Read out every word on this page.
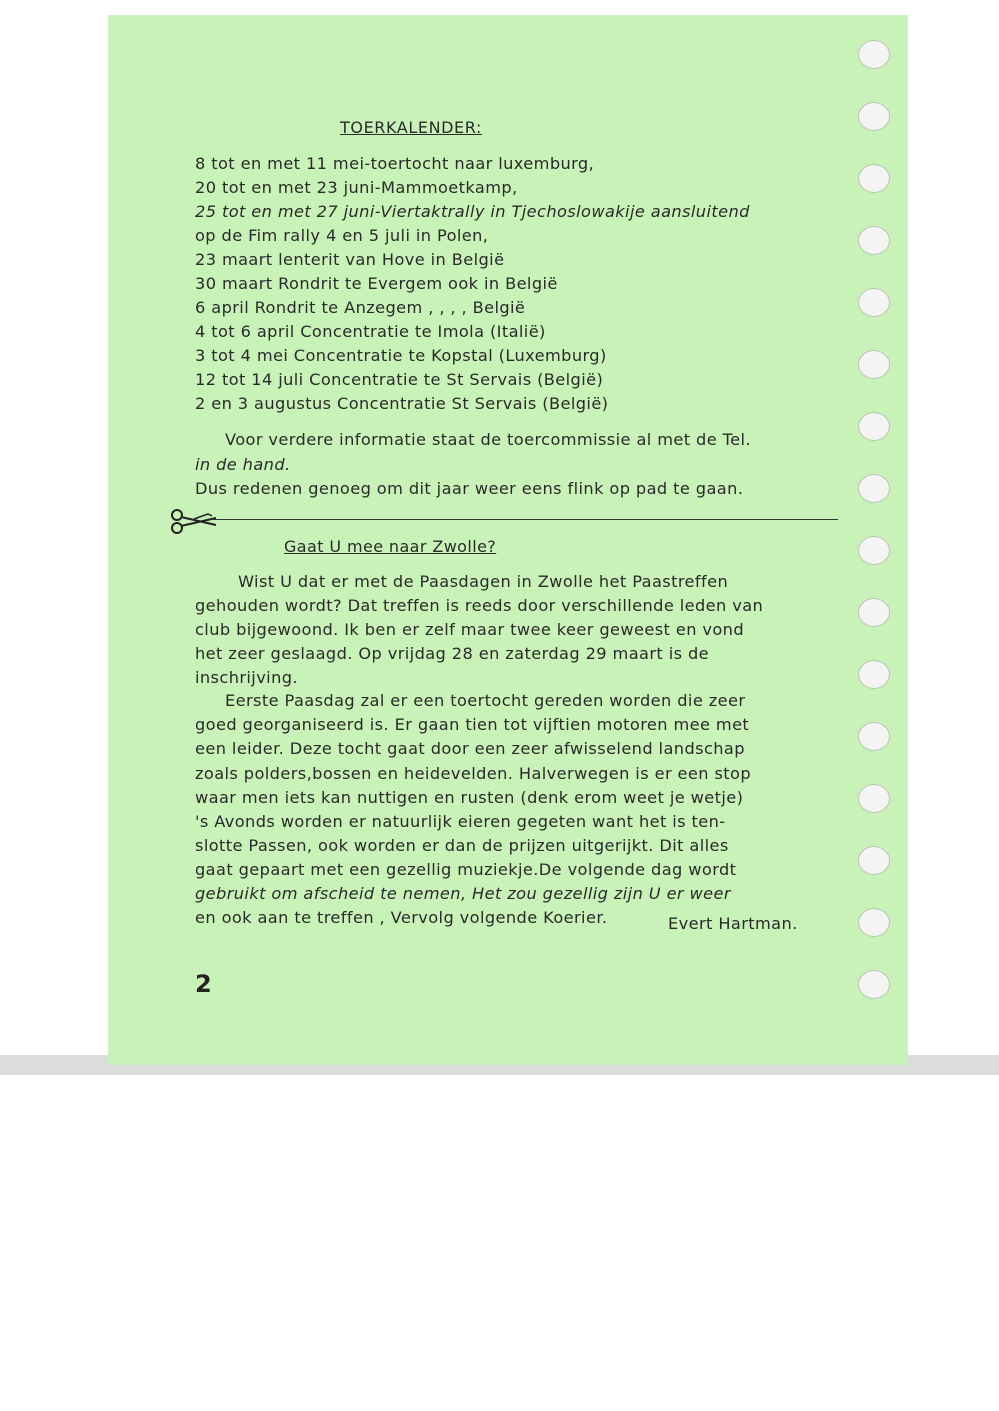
TOERKALENDER:
8 tot en met 11 mei-toertocht naar luxemburg,
20 tot en met 23 juni-Mammoetkamp,
25 tot en met 27 juni-Viertaktrally in Tjechoslowakije aansluitend
op de Fim rally 4 en 5 juli in Polen,
23 maart lenterit van Hove in België
30 maart Rondrit te Evergem ook in België
6 april Rondrit te Anzegem , , , , België
4 tot 6 april Concentratie te Imola (Italië)
3 tot 4 mei Concentratie te Kopstal (Luxemburg)
12 tot 14 juli Concentratie te St Servais (België)
2 en 3 augustus Concentratie St Servais (België)
Voor verdere informatie staat de toercommissie al met de Tel.
in de hand.
Dus redenen genoeg om dit jaar weer eens flink op pad te gaan.
Gaat U mee naar Zwolle?
Wist U dat er met de Paasdagen in Zwolle het Paastreffen
gehouden wordt? Dat treffen is reeds door verschillende leden van
club bijgewoond. Ik ben er zelf maar twee keer geweest en vond
het zeer geslaagd. Op vrijdag 28 en zaterdag 29 maart is de
inschrijving.
Eerste Paasdag zal er een toertocht gereden worden die zeer
goed georganiseerd is. Er gaan tien tot vijftien motoren mee met
een leider. Deze tocht gaat door een zeer afwisselend landschap
zoals polders,bossen en heidevelden. Halverwegen is er een stop
waar men iets kan nuttigen en rusten (denk erom weet je wetje)
's Avonds worden er natuurlijk eieren gegeten want het is ten-
slotte Passen, ook worden er dan de prijzen uitgerijkt. Dit alles
gaat gepaart met een gezellig muziekje.De volgende dag wordt
gebruikt om afscheid te nemen, Het zou gezellig zijn U er weer
en ook aan te treffen , Vervolg volgende Koerier.	Evert Hartman.
2
